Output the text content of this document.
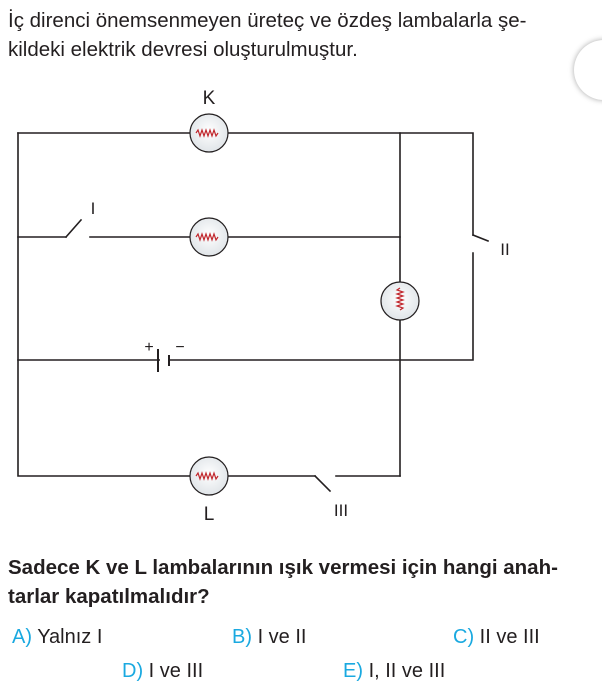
İç direnci önemsenmeyen üreteç ve özdeş lambalarla şe-
kildeki elektrik devresi oluşturulmuştur.
K
L
I
II
III
+ −
Sadece K ve L lambalarının ışık vermesi için hangi anah-
tarlar kapatılmalıdır?
A) Yalnız I	B) I ve II	C) II ve III
D) I ve III	E) I, II ve III
